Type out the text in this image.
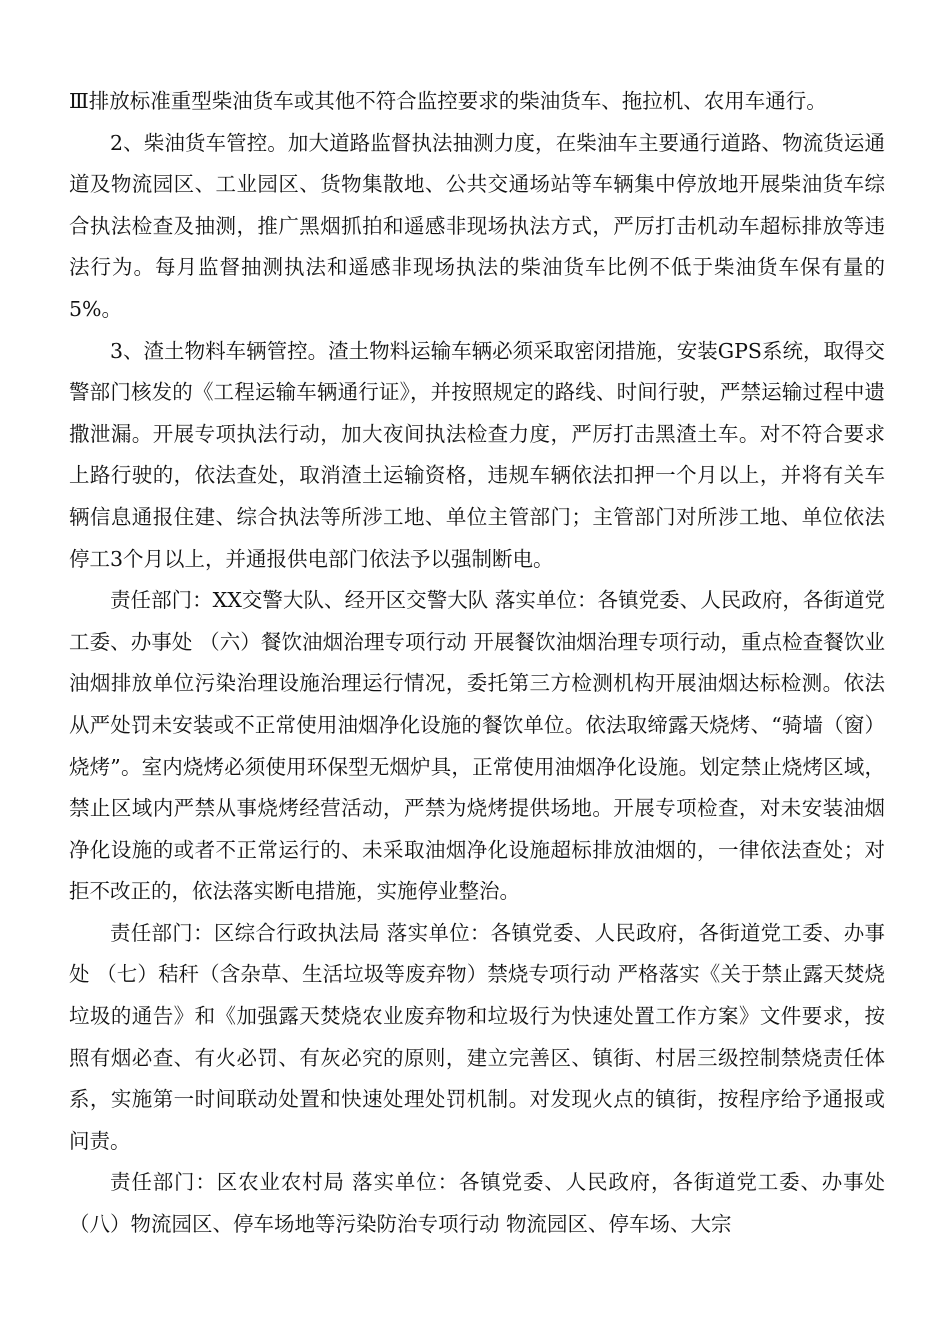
Ⅲ排放标准重型柴油货车或其他不符合监控要求的柴油货车、拖拉机、农用车通行。

2、柴油货车管控。加大道路监督执法抽测力度，在柴油车主要通行道路、物流货运通道及物流园区、工业园区、货物集散地、公共交通场站等车辆集中停放地开展柴油货车综合执法检查及抽测，推广黑烟抓拍和遥感非现场执法方式，严厉打击机动车超标排放等违法行为。每月监督抽测执法和遥感非现场执法的柴油货车比例不低于柴油货车保有量的5%。

3、渣土物料车辆管控。渣土物料运输车辆必须采取密闭措施，安装GPS系统，取得交警部门核发的《工程运输车辆通行证》，并按照规定的路线、时间行驶，严禁运输过程中遗撒泄漏。开展专项执法行动，加大夜间执法检查力度，严厉打击黑渣土车。对不符合要求上路行驶的，依法查处，取消渣土运输资格，违规车辆依法扣押一个月以上，并将有关车辆信息通报住建、综合执法等所涉工地、单位主管部门；主管部门对所涉工地、单位依法停工3个月以上，并通报供电部门依法予以强制断电。

责任部门：XX交警大队、经开区交警大队 落实单位：各镇党委、人民政府，各街道党工委、办事处 （六）餐饮油烟治理专项行动 开展餐饮油烟治理专项行动，重点检查餐饮业油烟排放单位污染治理设施治理运行情况，委托第三方检测机构开展油烟达标检测。依法从严处罚未安装或不正常使用油烟净化设施的餐饮单位。依法取缔露天烧烤、“骑墙（窗）烧烤”。室内烧烤必须使用环保型无烟炉具，正常使用油烟净化设施。划定禁止烧烤区域，禁止区域内严禁从事烧烤经营活动，严禁为烧烤提供场地。开展专项检查，对未安装油烟净化设施的或者不正常运行的、未采取油烟净化设施超标排放油烟的，一律依法查处；对拒不改正的，依法落实断电措施，实施停业整治。

责任部门：区综合行政执法局 落实单位：各镇党委、人民政府，各街道党工委、办事处 （七）秸秆（含杂草、生活垃圾等废弃物）禁烧专项行动 严格落实《关于禁止露天焚烧垃圾的通告》和《加强露天焚烧农业废弃物和垃圾行为快速处置工作方案》文件要求，按照有烟必查、有火必罚、有灰必究的原则，建立完善区、镇街、村居三级控制禁烧责任体系，实施第一时间联动处置和快速处理处罚机制。对发现火点的镇街，按程序给予通报或问责。

责任部门：区农业农村局 落实单位：各镇党委、人民政府，各街道党工委、办事处 （八）物流园区、停车场地等污染防治专项行动 物流园区、停车场、大宗
